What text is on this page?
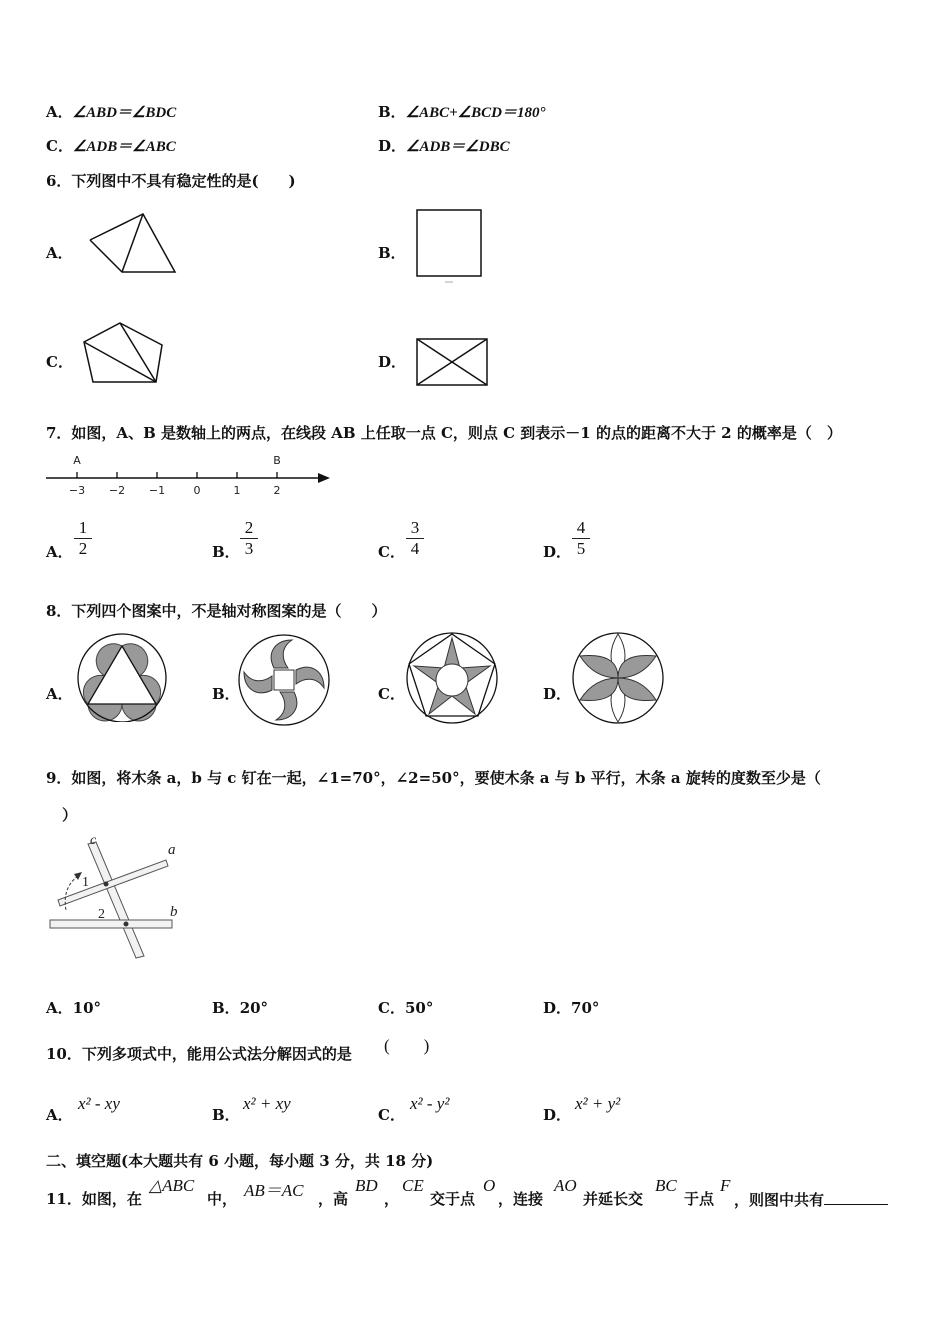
A．∠ABD＝∠BDC	B．∠ABC+∠BCD＝180°
C．∠ADB＝∠ABC	D．∠ADB＝∠DBC
6．下列图中不具有稳定性的是(　　)
A．	B．
C．	D．
7．如图，A、B 是数轴上的两点，在线段 AB 上任取一点 C，则点 C 到表示－1 的点的距离不大于 2 的概率是（　）
A	B
−3 −2 −1	0	1	2
A． $\frac{1}{2}$	B． $\frac{2}{3}$	C． $\frac{3}{4}$	D． $\frac{4}{5}$
8．下列四个图案中，不是轴对称图案的是（　　）
A．	B．	C．	D．
9．如图，将木条 a，b 与 c 钉在一起，∠1=70°，∠2=50°，要使木条 a 与 b 平行，木条 a 旋转的度数至少是（
）
c
a
b
1
2
A．10°	B．20°	C．50°	D．70°
10．下列多项式中，能用公式法分解因式的是 (　　)
A．
x² - xy
B．
x² + xy
C．
x² - y²
D．
x² + y²
二、填空题(本大题共有 6 小题，每小题 3 分，共 18 分)
11．如图，在
△ABC
中， AB＝AC ，高
BD
，
CE
交于点
O
，连接
AO
并延长交
BC
于点
F
，则图中共有
